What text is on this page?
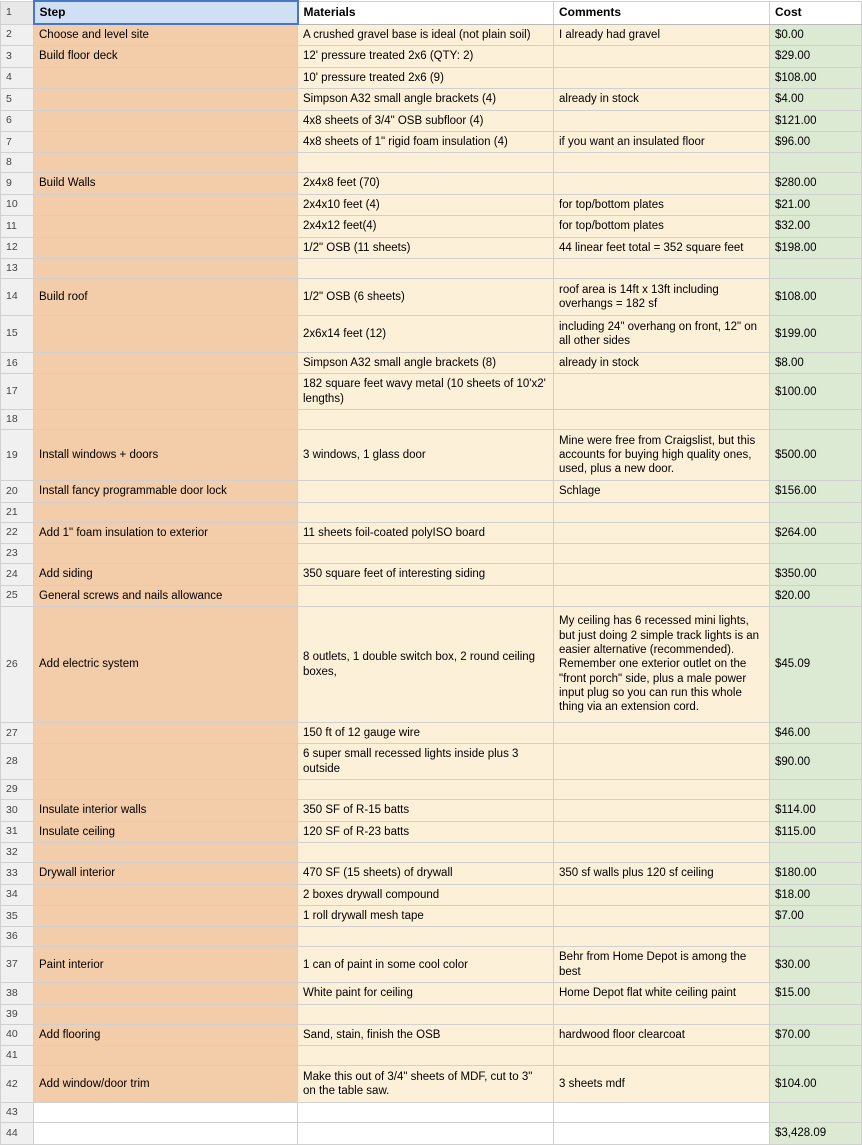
1	Step	Materials	Comments	Cost
2	Choose and level site	A crushed gravel base is ideal (not plain soil)	I already had gravel	$0.00
3	Build floor deck	12' pressure treated 2x6 (QTY: 2)		$29.00
4		10' pressure treated 2x6 (9)		$108.00
5		Simpson A32 small angle brackets (4)	already in stock	$4.00
6		4x8 sheets of 3/4" OSB subfloor (4)		$121.00
7		4x8 sheets of 1" rigid foam insulation (4)	if you want an insulated floor	$96.00
8				
9	Build Walls	2x4x8 feet (70)		$280.00
10		2x4x10 feet (4)	for top/bottom plates	$21.00
11		2x4x12 feet(4)	for top/bottom plates	$32.00
12		1/2" OSB (11 sheets)	44 linear feet total = 352 square feet	$198.00
13				
14	Build roof	1/2" OSB (6 sheets)	roof area is 14ft x 13ft including overhangs = 182 sf	$108.00
15		2x6x14 feet (12)	including 24" overhang on front, 12" on all other sides	$199.00
16		Simpson A32 small angle brackets (8)	already in stock	$8.00
17		182 square feet wavy metal (10 sheets of 10'x2' lengths)		$100.00
18				
19	Install windows + doors	3 windows, 1 glass door	Mine were free from Craigslist, but this accounts for buying high quality ones, used, plus a new door.	$500.00
20	Install fancy programmable door lock		Schlage	$156.00
21				
22	Add 1" foam insulation to exterior	11 sheets foil-coated polyISO board		$264.00
23				
24	Add siding	350 square feet of interesting siding		$350.00
25	General screws and nails allowance			$20.00
26	Add electric system	8 outlets, 1 double switch box, 2 round ceiling boxes,	My ceiling has 6 recessed mini lights, but just doing 2 simple track lights is an easier alternative (recommended). Remember one exterior outlet on the "front porch" side, plus a male power input plug so you can run this whole thing via an extension cord.	$45.09
27		150 ft of 12 gauge wire		$46.00
28		6 super small recessed lights inside plus 3 outside		$90.00
29				
30	Insulate interior walls	350 SF of R-15 batts		$114.00
31	Insulate ceiling	120 SF of R-23 batts		$115.00
32				
33	Drywall interior	470 SF (15 sheets) of drywall	350 sf walls plus 120 sf ceiling	$180.00
34		2 boxes drywall compound		$18.00
35		1 roll drywall mesh tape		$7.00
36				
37	Paint interior	1 can of paint in some cool color	Behr from Home Depot is among the best	$30.00
38		White paint for ceiling	Home Depot flat white ceiling paint	$15.00
39				
40	Add flooring	Sand, stain, finish the OSB	hardwood floor clearcoat	$70.00
41				
42	Add window/door trim	Make this out of 3/4" sheets of MDF, cut to 3" on the table saw.	3 sheets mdf	$104.00
43				
44				$3,428.09
